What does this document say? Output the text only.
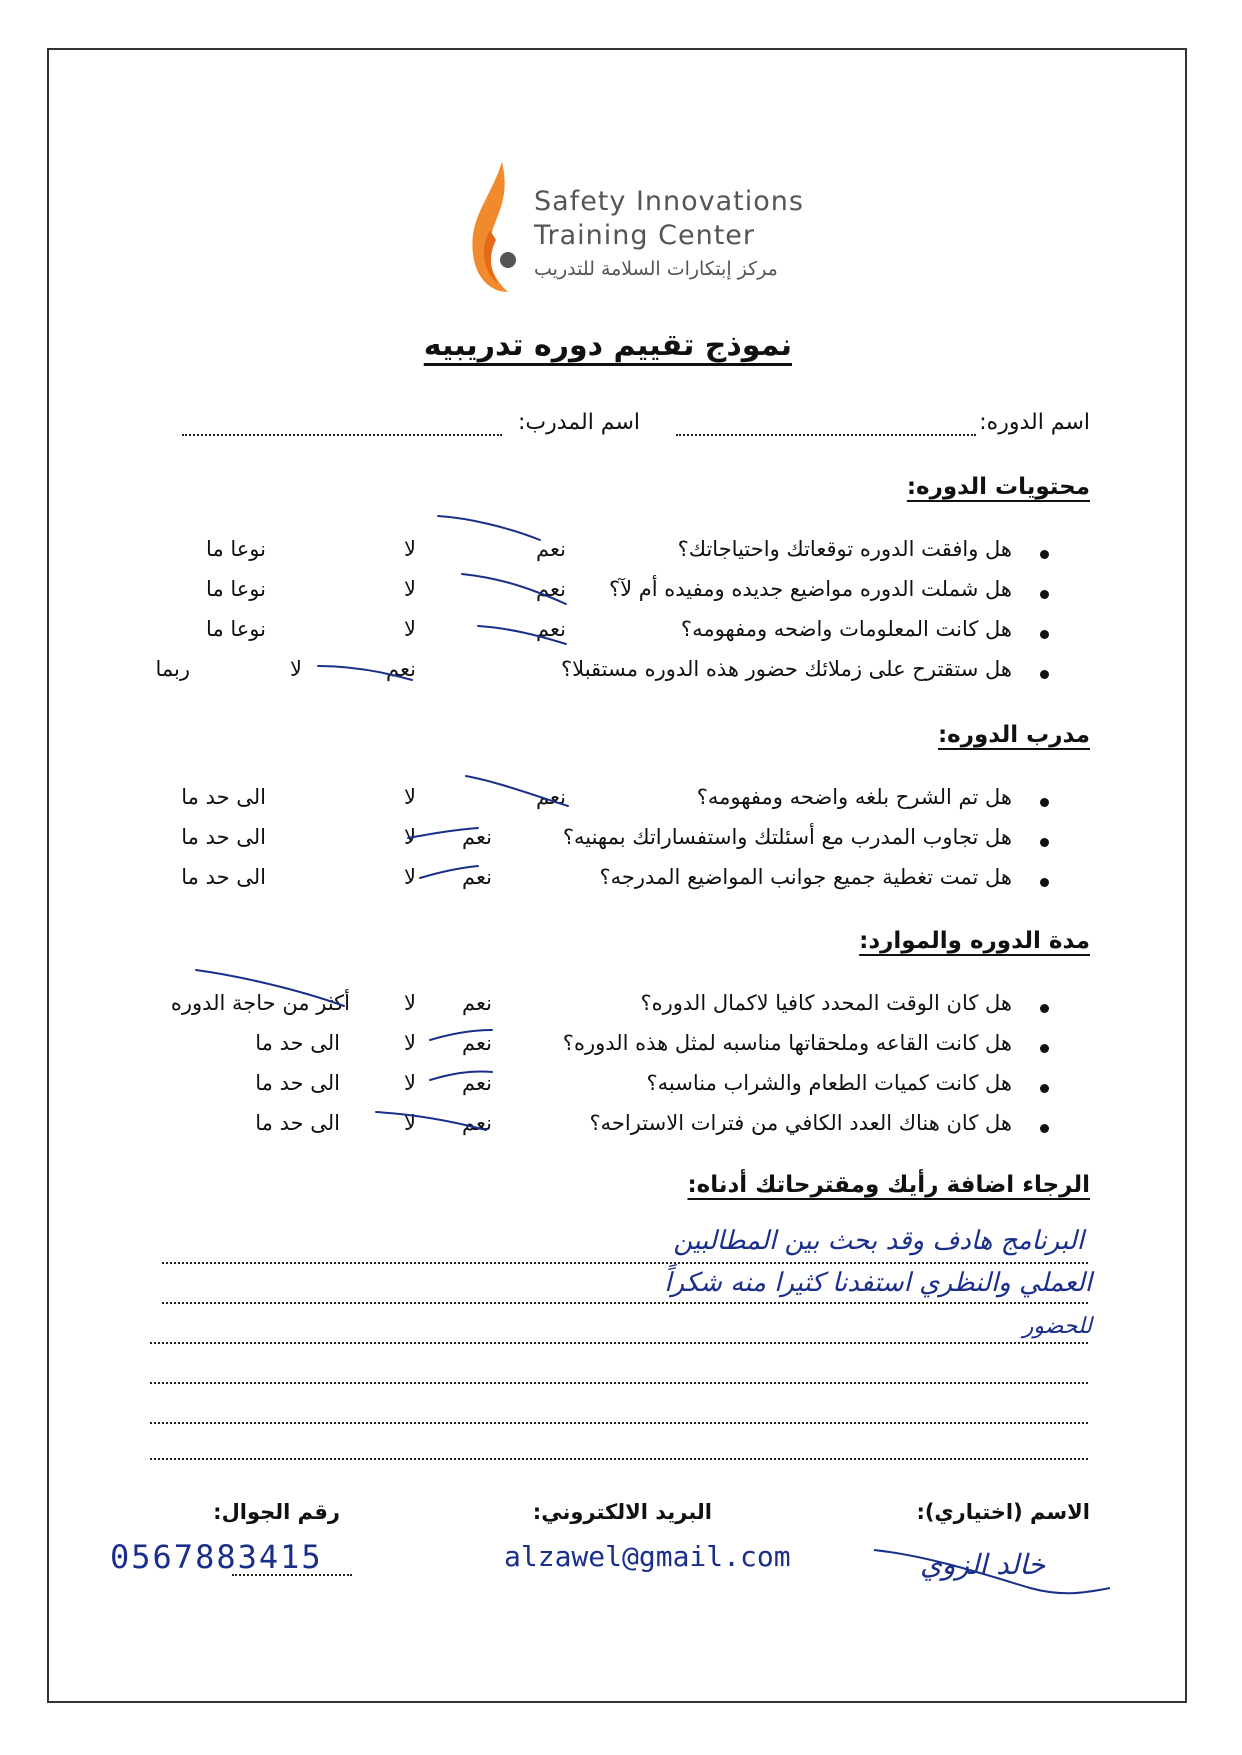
Safety Innovations
Training Center
مركز إبتكارات السلامة للتدريب
نموذج تقييم دوره تدريبيه
اسم الدوره:
اسم المدرب:
محتويات الدوره:
هل وافقت الدوره توقعاتك واحتياجاتك؟
نعم
لا
نوعا ما
هل شملت الدوره مواضيع جديده ومفيده أم لآ؟
نعم
لا
نوعا ما
هل كانت المعلومات واضحه ومفهومه؟
نعم
لا
نوعا ما
هل ستقترح على زملائك حضور هذه الدوره مستقبلا؟
نعم
لا
ربما
مدرب الدوره:
هل تم الشرح بلغه واضحه ومفهومه؟
نعم
لا
الى حد ما
هل تجاوب المدرب مع أسئلتك واستفساراتك بمهنيه؟
نعم
لا
الى حد ما
هل تمت تغطية جميع جوانب المواضيع المدرجه؟
نعم
لا
الى حد ما
مدة الدوره والموارد:
هل كان الوقت المحدد كافيا لاكمال الدوره؟
نعم
لا
أكثر من حاجة الدوره
هل كانت القاعه وملحقاتها مناسبه لمثل هذه الدوره؟
نعم
لا
الى حد ما
هل كانت كميات الطعام والشراب مناسبه؟
نعم
لا
الى حد ما
هل كان هناك العدد الكافي من فترات الاستراحه؟
نعم
لا
الى حد ما
الرجاء اضافة رأيك ومقترحاتك أدناه:
البرنامج هادف وقد بحث بين المطالبين
العملي والنظري استفدنا كثيرا منه شكراً
للحضور
الاسم (اختياري):
البريد الالكتروني:
رقم الجوال:
alzawel@gmail.com
0567883415	خالد الزوي
